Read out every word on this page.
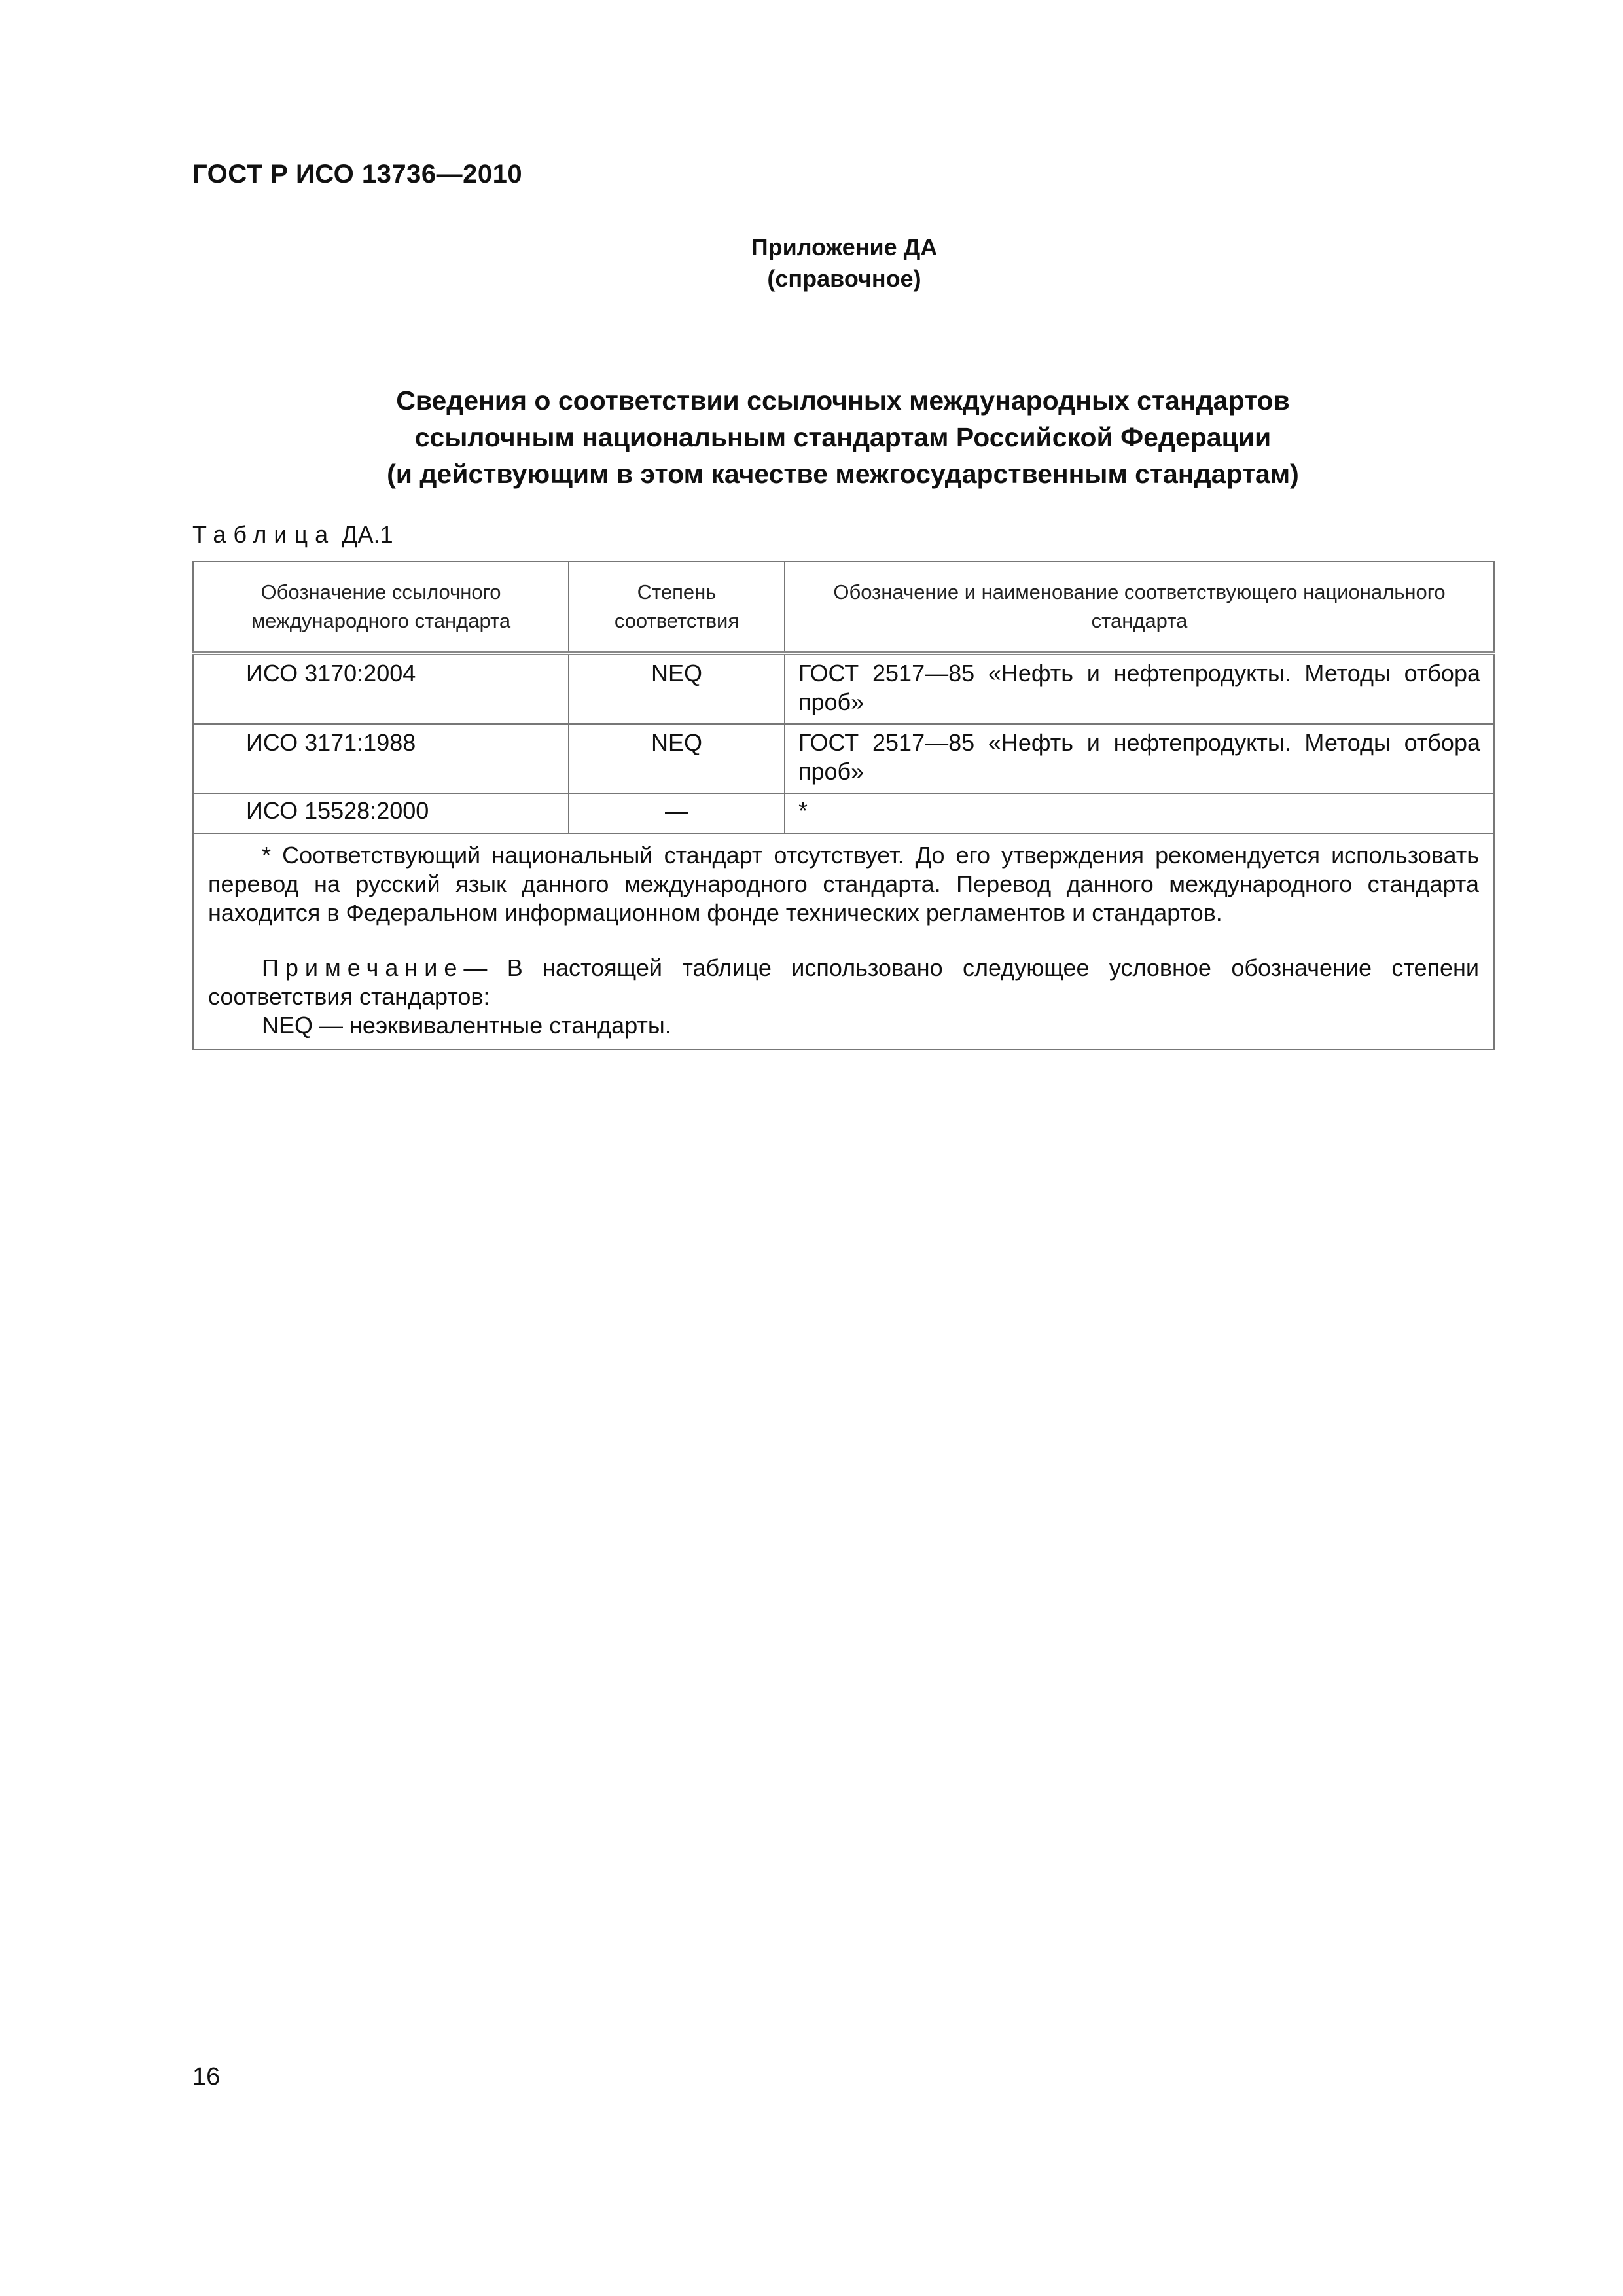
ГОСТ Р ИСО 13736—2010
Приложение ДА
(справочное)
Сведения о соответствии ссылочных международных стандартов
ссылочным национальным стандартам Российской Федерации
(и действующим в этом качестве межгосударственным стандартам)
Таблица ДА.1
Обозначение ссылочного международного стандарта	Степень соответствия	Обозначение и наименование соответствующего национального стандарта
ИСО 3170:2004	NEQ	ГОСТ 2517—85 «Нефть и нефтепродукты. Методы отбора проб»
ИСО 3171:1988	NEQ	ГОСТ 2517—85 «Нефть и нефтепродукты. Методы отбора проб»
ИСО 15528:2000	—	*

* Соответствующий национальный стандарт отсутствует. До его утверждения рекомендуется использовать перевод на русский язык данного международного стандарта. Перевод данного международного стандарта находится в Федеральном информационном фонде технических регламентов и стандартов.

Примечание— В настоящей таблице использовано следующее условное обозначение степени соответствия стандартов:

NEQ — неэквивалентные стандарты.		

16
